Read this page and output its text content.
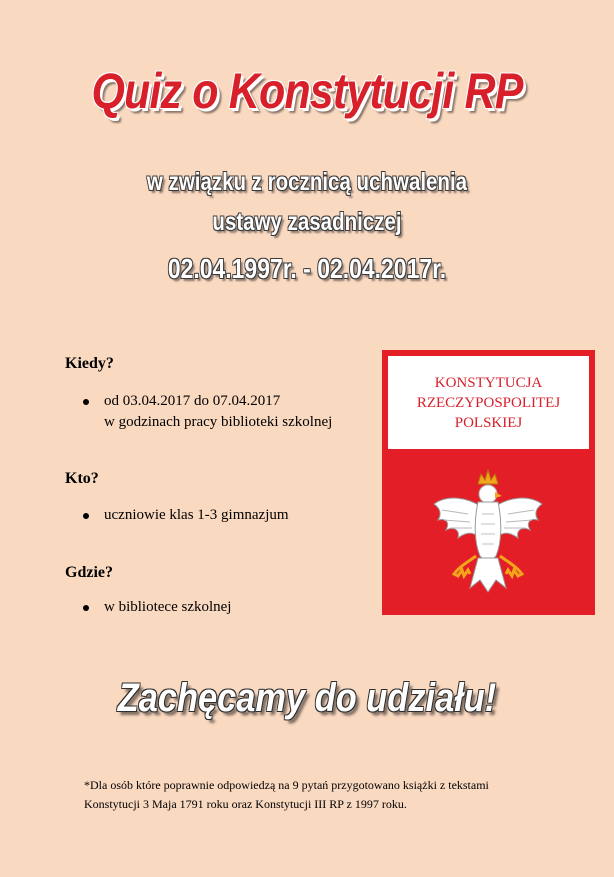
Quiz o Konstytucji RP
w związku z rocznicą uchwalenia
ustawy zasadniczej
02.04.1997r. - 02.04.2017r.
Kiedy?
od 03.04.2017 do 07.04.2017
w godzinach pracy biblioteki szkolnej
Kto?
uczniowie klas 1-3 gimnazjum
Gdzie?
w bibliotece szkolnej
KONSTYTUCJA
RZECZYPOSPOLITEJ
POLSKIEJ
Zachęcamy do udziału!
*Dla osób które poprawnie odpowiedzą na 9 pytań przygotowano książki z tekstami
Konstytucji 3 Maja 1791 roku oraz Konstytucji III RP z 1997 roku.
